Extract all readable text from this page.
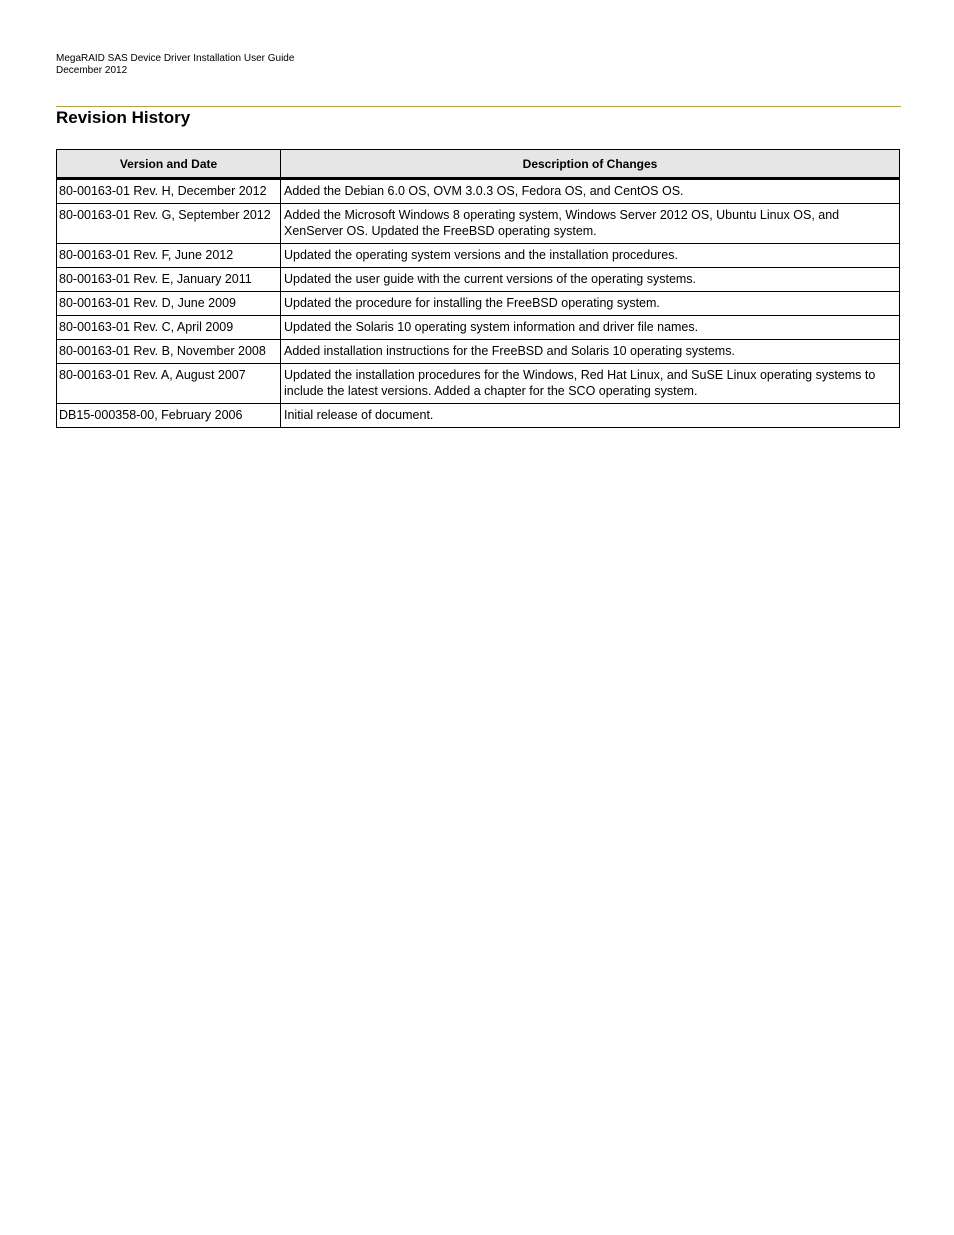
MegaRAID SAS Device Driver Installation User Guide
December 2012
Revision History
Version and Date	Description of Changes
80-00163-01 Rev. H, December 2012	Added the Debian 6.0 OS, OVM 3.0.3 OS, Fedora OS, and CentOS OS.
80-00163-01 Rev. G, September 2012	Added the Microsoft Windows 8 operating system, Windows Server 2012 OS, Ubuntu Linux OS, and XenServer OS. Updated the FreeBSD operating system.
80-00163-01 Rev. F, June 2012	Updated the operating system versions and the installation procedures.
80-00163-01 Rev. E, January 2011	Updated the user guide with the current versions of the operating systems.
80-00163-01 Rev. D, June 2009	Updated the procedure for installing the FreeBSD operating system.
80-00163-01 Rev. C, April 2009	Updated the Solaris 10 operating system information and driver file names.
80-00163-01 Rev. B, November 2008	Added installation instructions for the FreeBSD and Solaris 10 operating systems.
80-00163-01 Rev. A, August 2007	Updated the installation procedures for the Windows, Red Hat Linux, and SuSE Linux operating systems to include the latest versions. Added a chapter for the SCO operating system.
DB15-000358-00, February 2006	Initial release of document.
